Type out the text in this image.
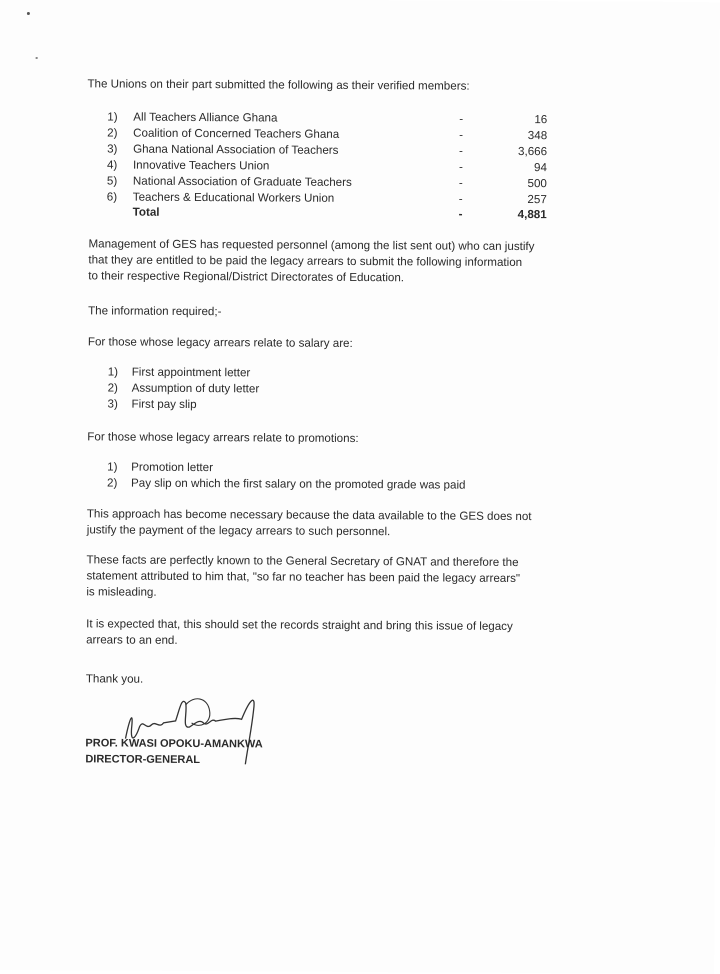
The Unions on their part submitted the following as their verified members:
1) All Teachers Alliance Ghana	-	16
2) Coalition of Concerned Teachers Ghana	-	348
3) Ghana National Association of Teachers	-	3,666
4) Innovative Teachers Union	-	94
5) National Association of Graduate Teachers	-	500
6) Teachers & Educational Workers Union	-	257
Total	-	4,881
Management of GES has requested personnel (among the list sent out) who can justify
that they are entitled to be paid the legacy arrears to submit the following information
to their respective Regional/District Directorates of Education.
The information required;-
For those whose legacy arrears relate to salary are:
1) First appointment letter
2) Assumption of duty letter
3) First pay slip
For those whose legacy arrears relate to promotions:
1) Promotion letter
2) Pay slip on which the first salary on the promoted grade was paid
This approach has become necessary because the data available to the GES does not
justify the payment of the legacy arrears to such personnel.
These facts are perfectly known to the General Secretary of GNAT and therefore the
statement attributed to him that, "so far no teacher has been paid the legacy arrears"
is misleading.
It is expected that, this should set the records straight and bring this issue of legacy
arrears to an end.
Thank you.
PROF. KWASI OPOKU-AMANKWA
DIRECTOR-GENERAL
